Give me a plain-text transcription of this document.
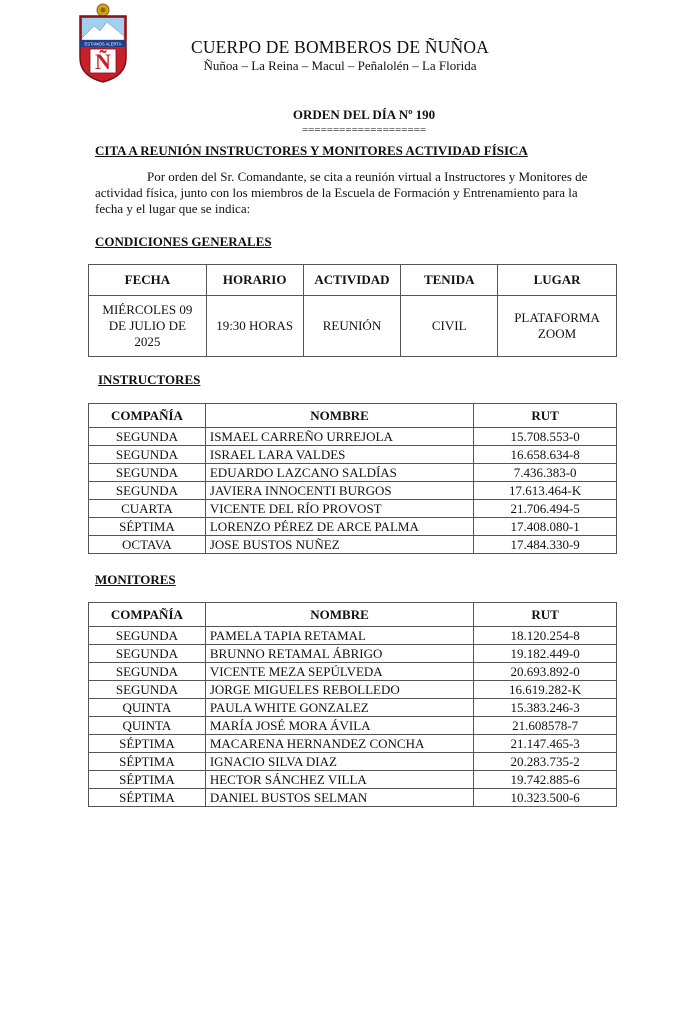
ESTAMOS ALERTA
Ñ
CUERPO DE BOMBEROS DE ÑUÑOA
Ñuñoa – La Reina – Macul – Peñalolén – La Florida
ORDEN DEL DÍA Nº 190
====================
CITA A REUNIÓN INSTRUCTORES Y MONITORES ACTIVIDAD FÍSICA
Por orden del Sr. Comandante, se cita a reunión virtual a Instructores y Monitores de actividad física, junto con los miembros de la Escuela de Formación y Entrenamiento para la fecha y el lugar que se indica:
CONDICIONES GENERALES
FECHA	HORARIO	ACTIVIDAD	TENIDA	LUGAR
MIÉRCOLES 09 DE JULIO DE 2025	19:30 HORAS	REUNIÓN	CIVIL	PLATAFORMA ZOOM
INSTRUCTORES
COMPAÑÍA	NOMBRE	RUT
SEGUNDA	ISMAEL CARREÑO URREJOLA	15.708.553-0
SEGUNDA	ISRAEL LARA VALDES	16.658.634-8
SEGUNDA	EDUARDO LAZCANO SALDÍAS	7.436.383-0
SEGUNDA	JAVIERA INNOCENTI BURGOS	17.613.464-K
CUARTA	VICENTE DEL RÍO PROVOST	21.706.494-5
SÉPTIMA	LORENZO PÉREZ DE ARCE PALMA	17.408.080-1
OCTAVA	JOSE BUSTOS NUÑEZ	17.484.330-9
MONITORES
COMPAÑÍA	NOMBRE	RUT
SEGUNDA	PAMELA TAPIA RETAMAL	18.120.254-8
SEGUNDA	BRUNNO RETAMAL ÁBRIGO	19.182.449-0
SEGUNDA	VICENTE MEZA SEPÚLVEDA	20.693.892-0
SEGUNDA	JORGE MIGUELES REBOLLEDO	16.619.282-K
QUINTA	PAULA WHITE GONZALEZ	15.383.246-3
QUINTA	MARÍA JOSÉ MORA ÁVILA	21.608578-7
SÉPTIMA	MACARENA HERNANDEZ CONCHA	21.147.465-3
SÉPTIMA	IGNACIO SILVA DIAZ	20.283.735-2
SÉPTIMA	HECTOR SÁNCHEZ VILLA	19.742.885-6
SÉPTIMA	DANIEL BUSTOS SELMAN	10.323.500-6
